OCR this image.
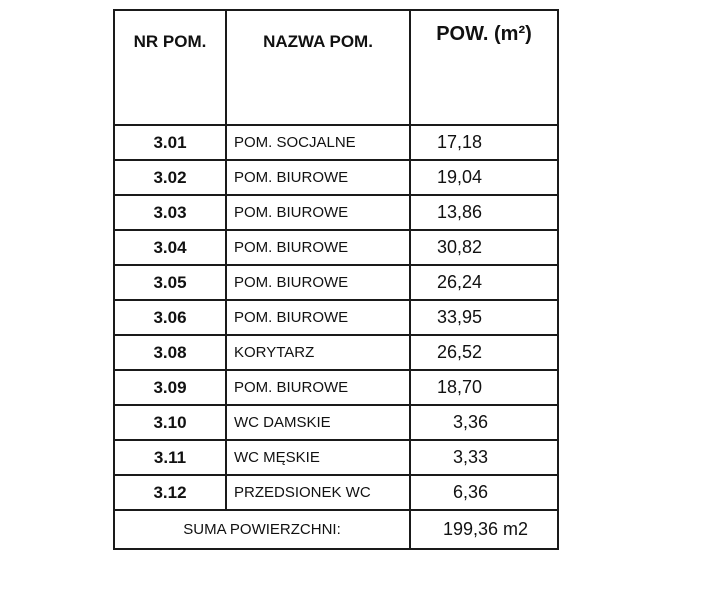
NR POM.	NAZWA POM.	POW. (m²)
3.01	POM. SOCJALNE	17,18
3.02	POM. BIUROWE	19,04
3.03	POM. BIUROWE	13,86
3.04	POM. BIUROWE	30,82
3.05	POM. BIUROWE	26,24
3.06	POM. BIUROWE	33,95
3.08	KORYTARZ	26,52
3.09	POM. BIUROWE	18,70
3.10	WC DAMSKIE	3,36
3.11	WC MĘSKIE	3,33
3.12	PRZEDSIONEK WC	6,36
SUMA POWIERZCHNI:		199,36 m2
